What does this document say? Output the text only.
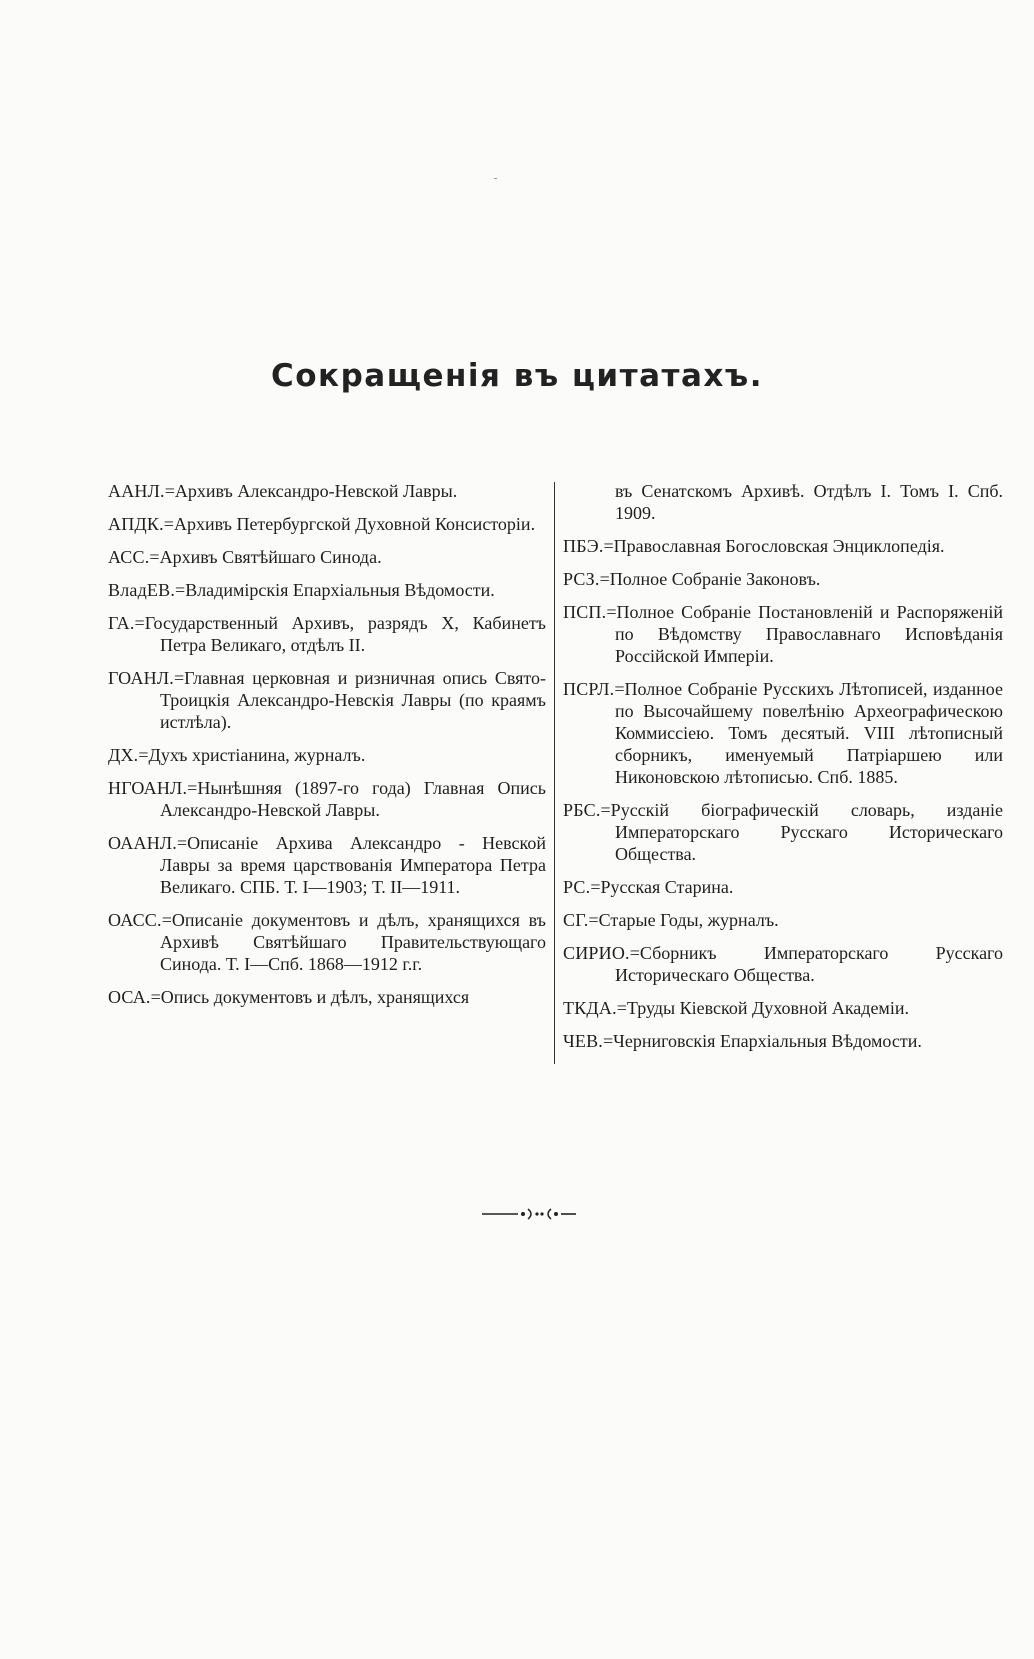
Сокращенія въ цитатахъ.

ААНЛ.=Архивъ Александро-Невской Лавры.

АПДК.=Архивъ Петербургской Духовной Консисторіи.

АСС.=Архивъ Святѣйшаго Синода.

ВладЕВ.=Владимірскія Епархіальныя Вѣдомости.

ГА.=Государственный Архивъ, разрядъ X, Кабинетъ Петра Великаго, отдѣлъ II.

ГОАНЛ.=Главная церковная и ризничная опись Свято-Троицкія Александро-Невскія Лавры (по краямъ истлѣла).

ДХ.=Духъ христіанина, журналъ.

НГОАНЛ.=Нынѣшняя (1897-го года) Главная Опись Александро-Невской Лавры.

ОААНЛ.=Описаніе Архива Александро - Невской Лавры за время царствованія Императора Петра Великаго. СПБ. Т. I—1903; Т. II—1911.

ОАСС.=Описаніе документовъ и дѣлъ, хранящихся въ Архивѣ Святѣйшаго Правительствующаго Синода. Т. I—Спб. 1868—1912 г.г.

ОСА.=Опись документовъ и дѣлъ, хранящихся

въ Сенатскомъ Архивѣ. Отдѣлъ I. Томъ I. Спб. 1909.

ПБЭ.=Православная Богословская Энциклопедія.

РСЗ.=Полное Собраніе Законовъ.

ПСП.=Полное Собраніе Постановленій и Распоряженій по Вѣдомству Православнаго Исповѣданія Россійской Имперіи.

ПСРЛ.=Полное Собраніе Русскихъ Лѣтописей, изданное по Высочайшему повелѣнію Археографическою Коммиссіею. Томъ десятый. VIII лѣтописный сборникъ, именуемый Патріаршею или Никоновскою лѣтописью. Спб. 1885.

РБС.=Русскій біографическій словарь, изданіе Императорскаго Русскаго Историческаго Общества.

РС.=Русская Старина.

СГ.=Старые Годы, журналъ.

СИРИО.=Сборникъ Императорскаго Русскаго Историческаго Общества.

ТКДА.=Труды Кіевской Духовной Академіи.

ЧЕВ.=Черниговскія Епархіальныя Вѣдомости.
